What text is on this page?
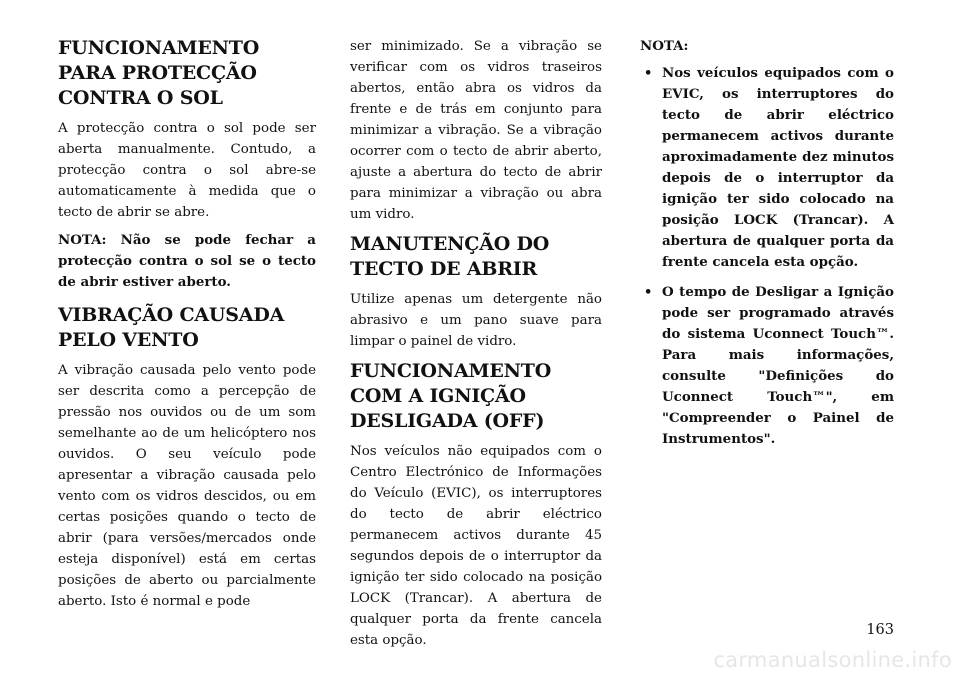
FUNCIONAMENTO PARA PROTECÇÃO CONTRA O SOL

A protecção contra o sol pode ser aberta manualmente. Contudo, a protecção contra o sol abre-se automaticamente à medida que o tecto de abrir se abre.

NOTA: Não se pode fechar a protecção contra o sol se o tecto de abrir estiver aberto.

VIBRAÇÃO CAUSADA PELO VENTO

A vibração causada pelo vento pode ser descrita como a percepção de pressão nos ouvidos ou de um som semelhante ao de um helicóptero nos ouvidos. O seu veículo pode apresentar a vibração causada pelo vento com os vidros descidos, ou em certas posições quando o tecto de abrir (para versões/mercados onde esteja disponível) está em certas posições de aberto ou parcialmente aberto. Isto é normal e pode

ser minimizado. Se a vibração se verificar com os vidros traseiros abertos, então abra os vidros da frente e de trás em conjunto para minimizar a vibração. Se a vibração ocorrer com o tecto de abrir aberto, ajuste a abertura do tecto de abrir para minimizar a vibração ou abra um vidro.

MANUTENÇÃO DO TECTO DE ABRIR

Utilize apenas um detergente não abrasivo e um pano suave para limpar o painel de vidro.

FUNCIONAMENTO COM A IGNIÇÃO DESLIGADA (OFF)

Nos veículos não equipados com o Centro Electrónico de Informações do Veículo (EVIC), os interruptores do tecto de abrir eléctrico permanecem activos durante 45 segundos depois de o interruptor da ignição ter sido colocado na posição LOCK (Trancar). A abertura de qualquer porta da frente cancela esta opção.

NOTA:
• Nos veículos equipados com o EVIC, os interruptores do tecto de abrir eléctrico permanecem activos durante aproximadamente dez minutos depois de o interruptor da ignição ter sido colocado na posição LOCK (Trancar). A abertura de qualquer porta da frente cancela esta opção.
• O tempo de Desligar a Ignição pode ser programado através do sistema Uconnect Touch™. Para mais informações, consulte "Definições do Uconnect Touch™", em "Compreender o Painel de Instrumentos".
163
carmanualsonline.info
